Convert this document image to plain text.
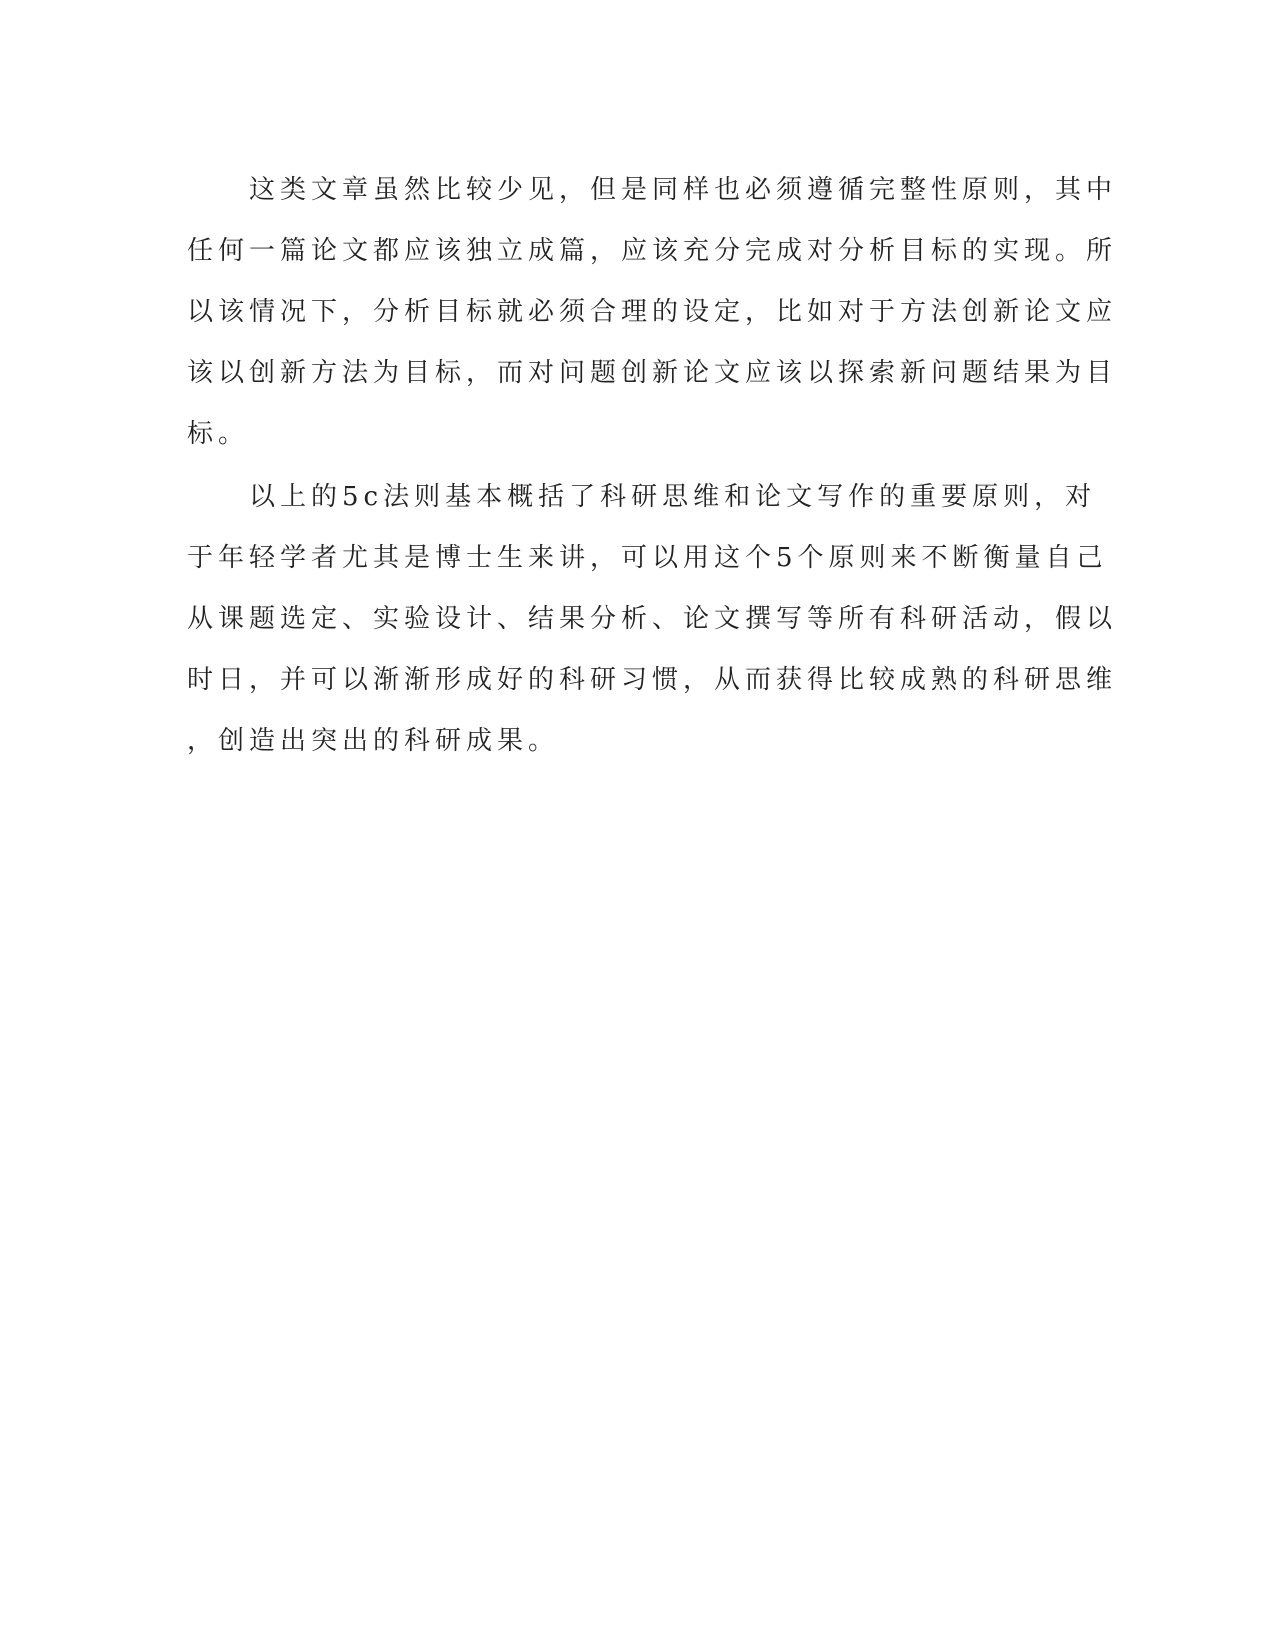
　　这类文章虽然比较少见，但是同样也必须遵循完整性原则，其中
任何一篇论文都应该独立成篇，应该充分完成对分析目标的实现。所
以该情况下，分析目标就必须合理的设定，比如对于方法创新论文应
该以创新方法为目标，而对问题创新论文应该以探索新问题结果为目
标。
　　以上的5c法则基本概括了科研思维和论文写作的重要原则，对
于年轻学者尤其是博士生来讲，可以用这个5个原则来不断衡量自己
从课题选定、实验设计、结果分析、论文撰写等所有科研活动，假以
时日，并可以渐渐形成好的科研习惯，从而获得比较成熟的科研思维
，创造出突出的科研成果。
